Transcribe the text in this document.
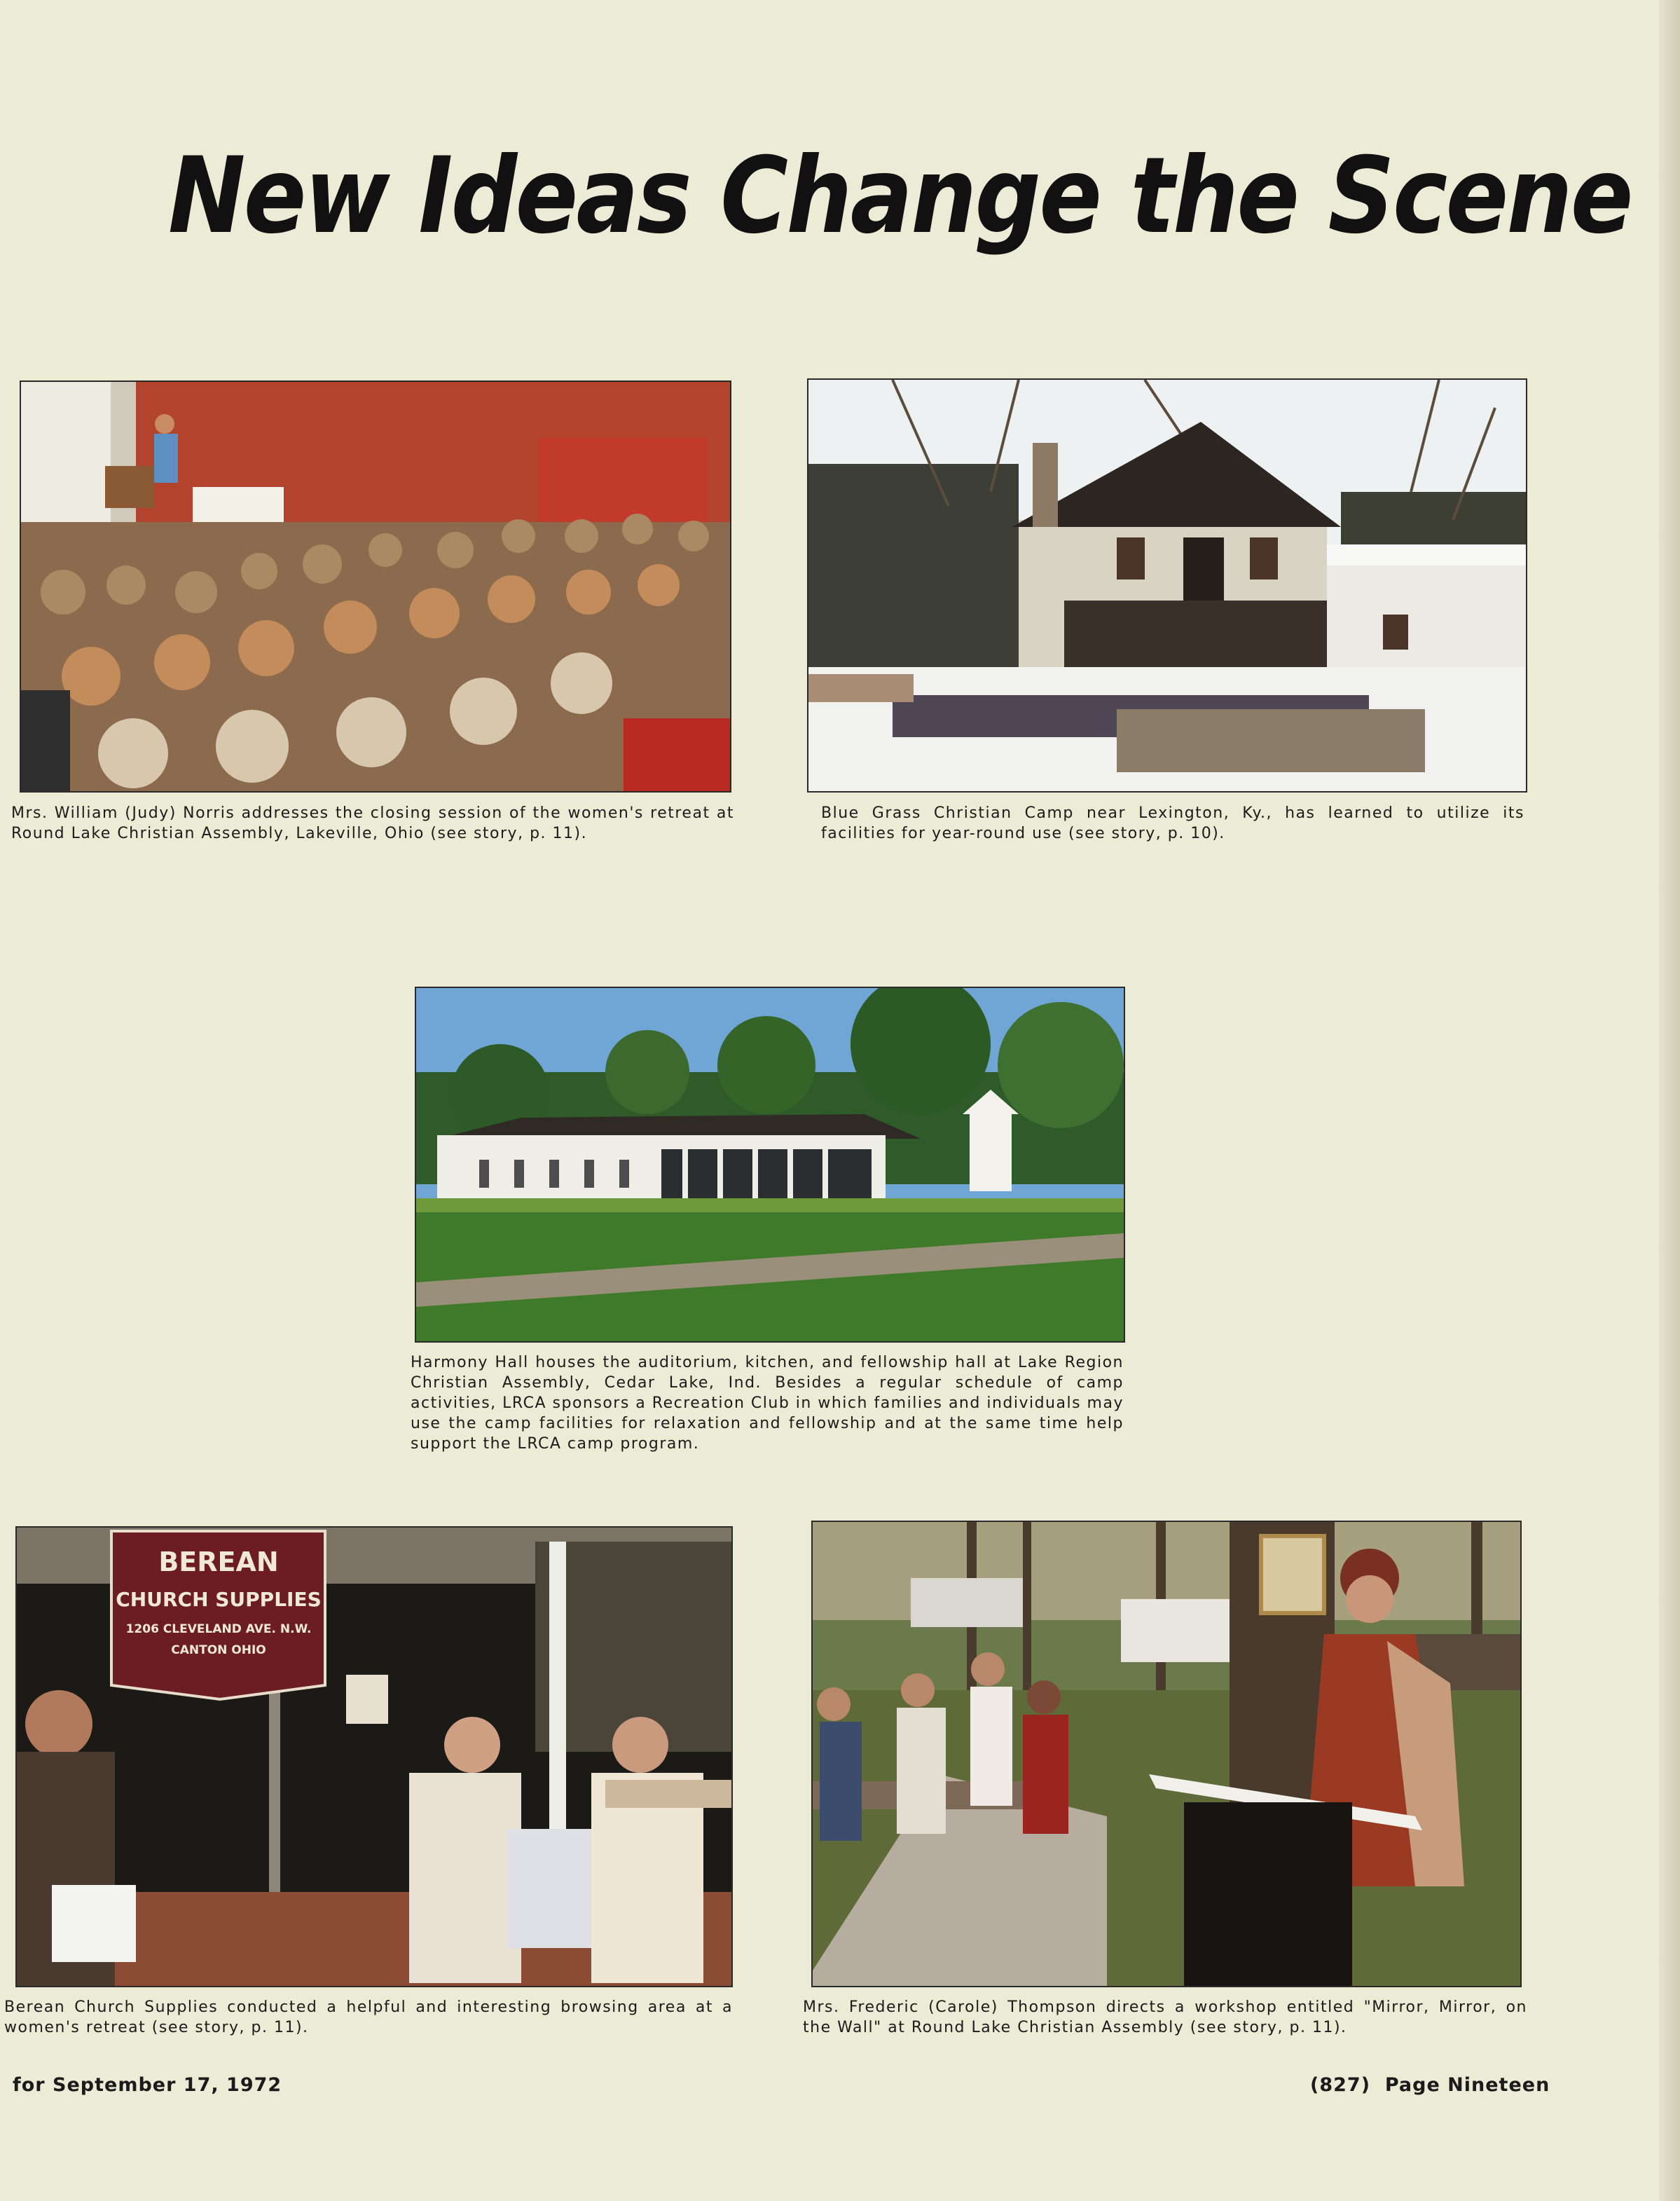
New Ideas Change the Scene
Mrs. William (Judy) Norris addresses the closing session of the women's retreat at Round Lake Christian Assembly, Lakeville, Ohio (see story, p. 11).
Blue Grass Christian Camp near Lexington, Ky., has learned to utilize its facilities for year-round use (see story, p. 10).
Harmony Hall houses the auditorium, kitchen, and fellowship hall at Lake Region Christian Assembly, Cedar Lake, Ind. Besides a regular schedule of camp activities, LRCA sponsors a Recreation Club in which families and individuals may use the camp facilities for relaxation and fellowship and at the same time help support the LRCA camp program.
BEREAN
CHURCH SUPPLIES
1206 CLEVELAND AVE. N.W.
CANTON OHIO
Berean Church Supplies conducted a helpful and interesting browsing area at a women's retreat (see story, p. 11).
Mrs. Frederic (Carole) Thompson directs a workshop entitled "Mirror, Mirror, on the Wall" at Round Lake Christian Assembly (see story, p. 11).
for September 17, 1972	(827)  Page Nineteen
